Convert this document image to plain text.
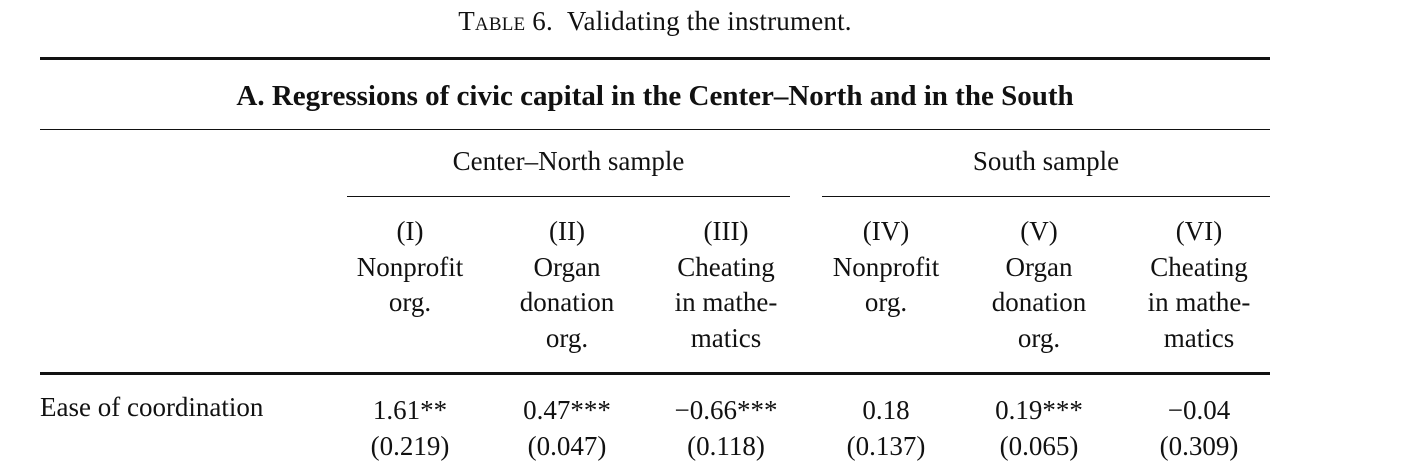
Table 6. Validating the instrument.
A. Regressions of civic capital in the Center–North and in the South
Center–North sample	South sample
(I)
Nonprofit
org.
(II)
Organ
donation
org.
(III)
Cheating
in mathe-
matics
(IV)
Nonprofit
org.
(V)
Organ
donation
org.
(VI)
Cheating
in mathe-
matics
Ease of coordination	1.61**
(0.219)
0.47***
(0.047)
−0.66***
(0.118)
0.18
(0.137)
0.19***
(0.065)
−0.04
(0.309)
